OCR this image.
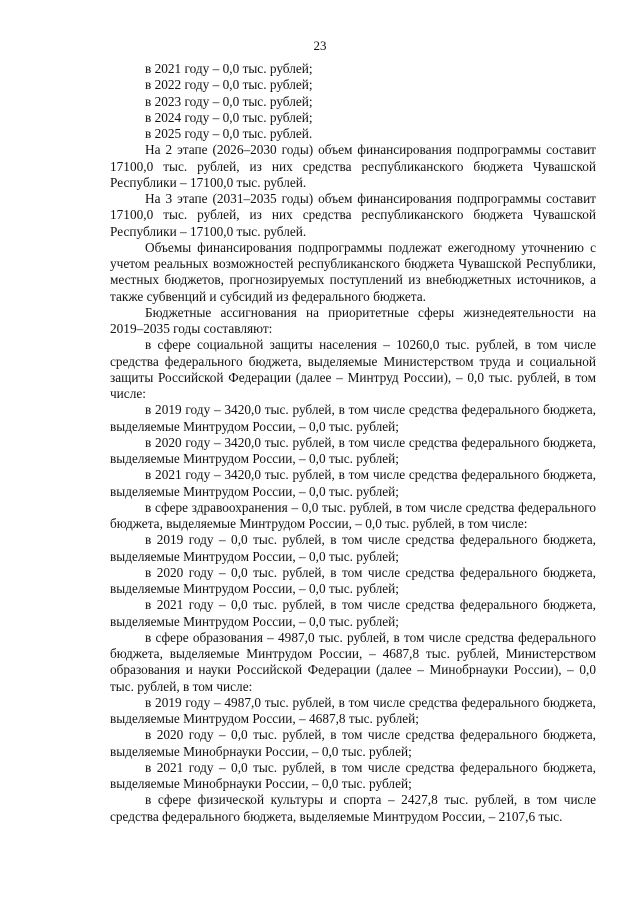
23

в 2021 году – 0,0 тыс. рублей;

в 2022 году – 0,0 тыс. рублей;

в 2023 году – 0,0 тыс. рублей;

в 2024 году – 0,0 тыс. рублей;

в 2025 году – 0,0 тыс. рублей.

На 2 этапе (2026–2030 годы) объем финансирования подпрограммы составит 17100,0 тыс. рублей, из них средства республиканского бюджета Чувашской Республики – 17100,0 тыс. рублей.

На 3 этапе (2031–2035 годы) объем финансирования подпрограммы составит 17100,0 тыс. рублей, из них средства республиканского бюджета Чувашской Республики – 17100,0 тыс. рублей.

Объемы финансирования подпрограммы подлежат ежегодному уточнению с учетом реальных возможностей республиканского бюджета Чувашской Республики, местных бюджетов, прогнозируемых поступлений из внебюджетных источников, а также субвенций и субсидий из федерального бюджета.

Бюджетные ассигнования на приоритетные сферы жизнедеятельности на 2019–2035 годы составляют:

в сфере социальной защиты населения – 10260,0 тыс. рублей, в том числе средства федерального бюджета, выделяемые Министерством труда и социальной защиты Российской Федерации (далее – Минтруд России), – 0,0 тыс. рублей, в том числе:

в 2019 году – 3420,0 тыс. рублей, в том числе средства федерального бюджета, выделяемые Минтрудом России, – 0,0 тыс. рублей;

в 2020 году – 3420,0 тыс. рублей, в том числе средства федерального бюджета, выделяемые Минтрудом России, – 0,0 тыс. рублей;

в 2021 году – 3420,0 тыс. рублей, в том числе средства федерального бюджета, выделяемые Минтрудом России, – 0,0 тыс. рублей;

в сфере здравоохранения – 0,0 тыс. рублей, в том числе средства федерального бюджета, выделяемые Минтрудом России, – 0,0 тыс. рублей, в том числе:

в 2019 году – 0,0 тыс. рублей, в том числе средства федерального бюджета, выделяемые Минтрудом России, – 0,0 тыс. рублей;

в 2020 году – 0,0 тыс. рублей, в том числе средства федерального бюджета, выделяемые Минтрудом России, – 0,0 тыс. рублей;

в 2021 году – 0,0 тыс. рублей, в том числе средства федерального бюджета, выделяемые Минтрудом России, – 0,0 тыс. рублей;

в сфере образования – 4987,0 тыс. рублей, в том числе средства федерального бюджета, выделяемые Минтрудом России, – 4687,8 тыс. рублей, Министерством образования и науки Российской Федерации (далее – Минобрнауки России), – 0,0 тыс. рублей, в том числе:

в 2019 году – 4987,0 тыс. рублей, в том числе средства федерального бюджета, выделяемые Минтрудом России, – 4687,8 тыс. рублей;

в 2020 году – 0,0 тыс. рублей, в том числе средства федерального бюджета, выделяемые Минобрнауки России, – 0,0 тыс. рублей;

в 2021 году – 0,0 тыс. рублей, в том числе средства федерального бюджета, выделяемые Минобрнауки России, – 0,0 тыс. рублей;

в сфере физической культуры и спорта – 2427,8 тыс. рублей, в том числе средства федерального бюджета, выделяемые Минтрудом России, – 2107,6 тыс.
